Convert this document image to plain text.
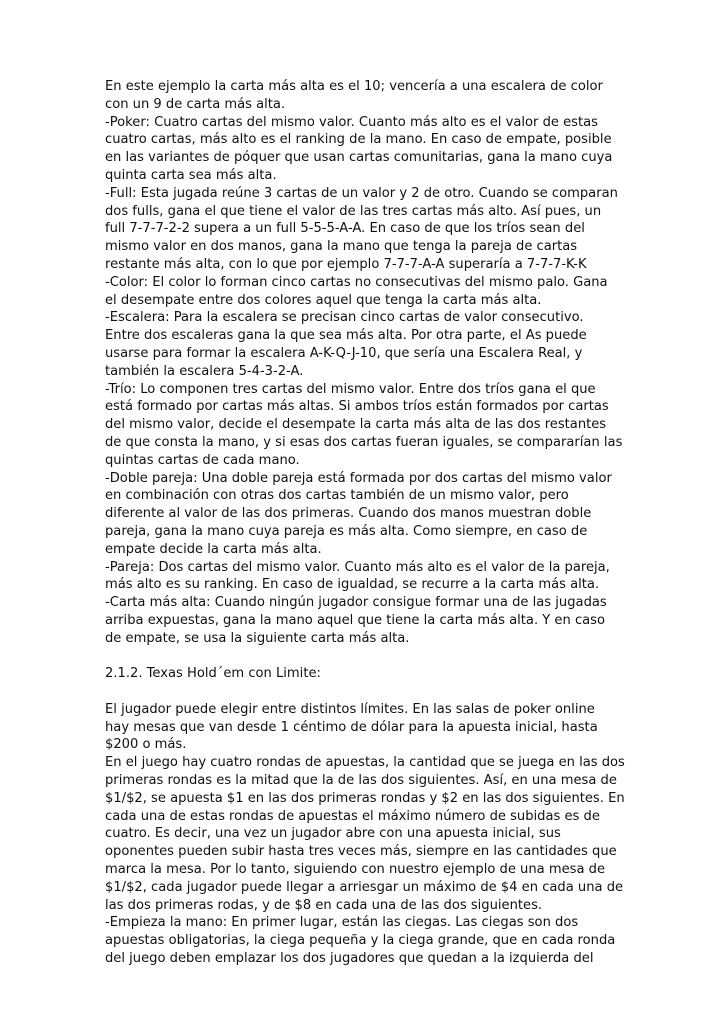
En este ejemplo la carta más alta es el 10; vencería a una escalera de color
con un 9 de carta más alta.
-Poker: Cuatro cartas del mismo valor. Cuanto más alto es el valor de estas
cuatro cartas, más alto es el ranking de la mano. En caso de empate, posible
en las variantes de póquer que usan cartas comunitarias, gana la mano cuya
quinta carta sea más alta.
-Full: Esta jugada reúne 3 cartas de un valor y 2 de otro. Cuando se comparan
dos fulls, gana el que tiene el valor de las tres cartas más alto. Así pues, un
full 7-7-7-2-2 supera a un full 5-5-5-A-A. En caso de que los tríos sean del
mismo valor en dos manos, gana la mano que tenga la pareja de cartas
restante más alta, con lo que por ejemplo 7-7-7-A-A superaría a 7-7-7-K-K
-Color: El color lo forman cinco cartas no consecutivas del mismo palo. Gana
el desempate entre dos colores aquel que tenga la carta más alta.
-Escalera: Para la escalera se precisan cinco cartas de valor consecutivo.
Entre dos escaleras gana la que sea más alta. Por otra parte, el As puede
usarse para formar la escalera A-K-Q-J-10, que sería una Escalera Real, y
también la escalera 5-4-3-2-A.
-Trío: Lo componen tres cartas del mismo valor. Entre dos tríos gana el que
está formado por cartas más altas. Si ambos tríos están formados por cartas
del mismo valor, decide el desempate la carta más alta de las dos restantes
de que consta la mano, y si esas dos cartas fueran iguales, se compararían las
quintas cartas de cada mano.
-Doble pareja: Una doble pareja está formada por dos cartas del mismo valor
en combinación con otras dos cartas también de un mismo valor, pero
diferente al valor de las dos primeras. Cuando dos manos muestran doble
pareja, gana la mano cuya pareja es más alta. Como siempre, en caso de
empate decide la carta más alta.
-Pareja: Dos cartas del mismo valor. Cuanto más alto es el valor de la pareja,
más alto es su ranking. En caso de igualdad, se recurre a la carta más alta.
-Carta más alta: Cuando ningún jugador consigue formar una de las jugadas
arriba expuestas, gana la mano aquel que tiene la carta más alta. Y en caso
de empate, se usa la siguiente carta más alta.
2.1.2. Texas Hold´em con Limite:
El jugador puede elegir entre distintos límites. En las salas de poker online
hay mesas que van desde 1 céntimo de dólar para la apuesta inicial, hasta
$200 o más.
En el juego hay cuatro rondas de apuestas, la cantidad que se juega en las dos
primeras rondas es la mitad que la de las dos siguientes. Así, en una mesa de
$1/$2, se apuesta $1 en las dos primeras rondas y $2 en las dos siguientes. En
cada una de estas rondas de apuestas el máximo número de subidas es de
cuatro. Es decir, una vez un jugador abre con una apuesta inicial, sus
oponentes pueden subir hasta tres veces más, siempre en las cantidades que
marca la mesa. Por lo tanto, siguiendo con nuestro ejemplo de una mesa de
$1/$2, cada jugador puede llegar a arriesgar un máximo de $4 en cada una de
las dos primeras rodas, y de $8 en cada una de las dos siguientes.
-Empieza la mano: En primer lugar, están las ciegas. Las ciegas son dos
apuestas obligatorias, la ciega pequeña y la ciega grande, que en cada ronda
del juego deben emplazar los dos jugadores que quedan a la izquierda del
